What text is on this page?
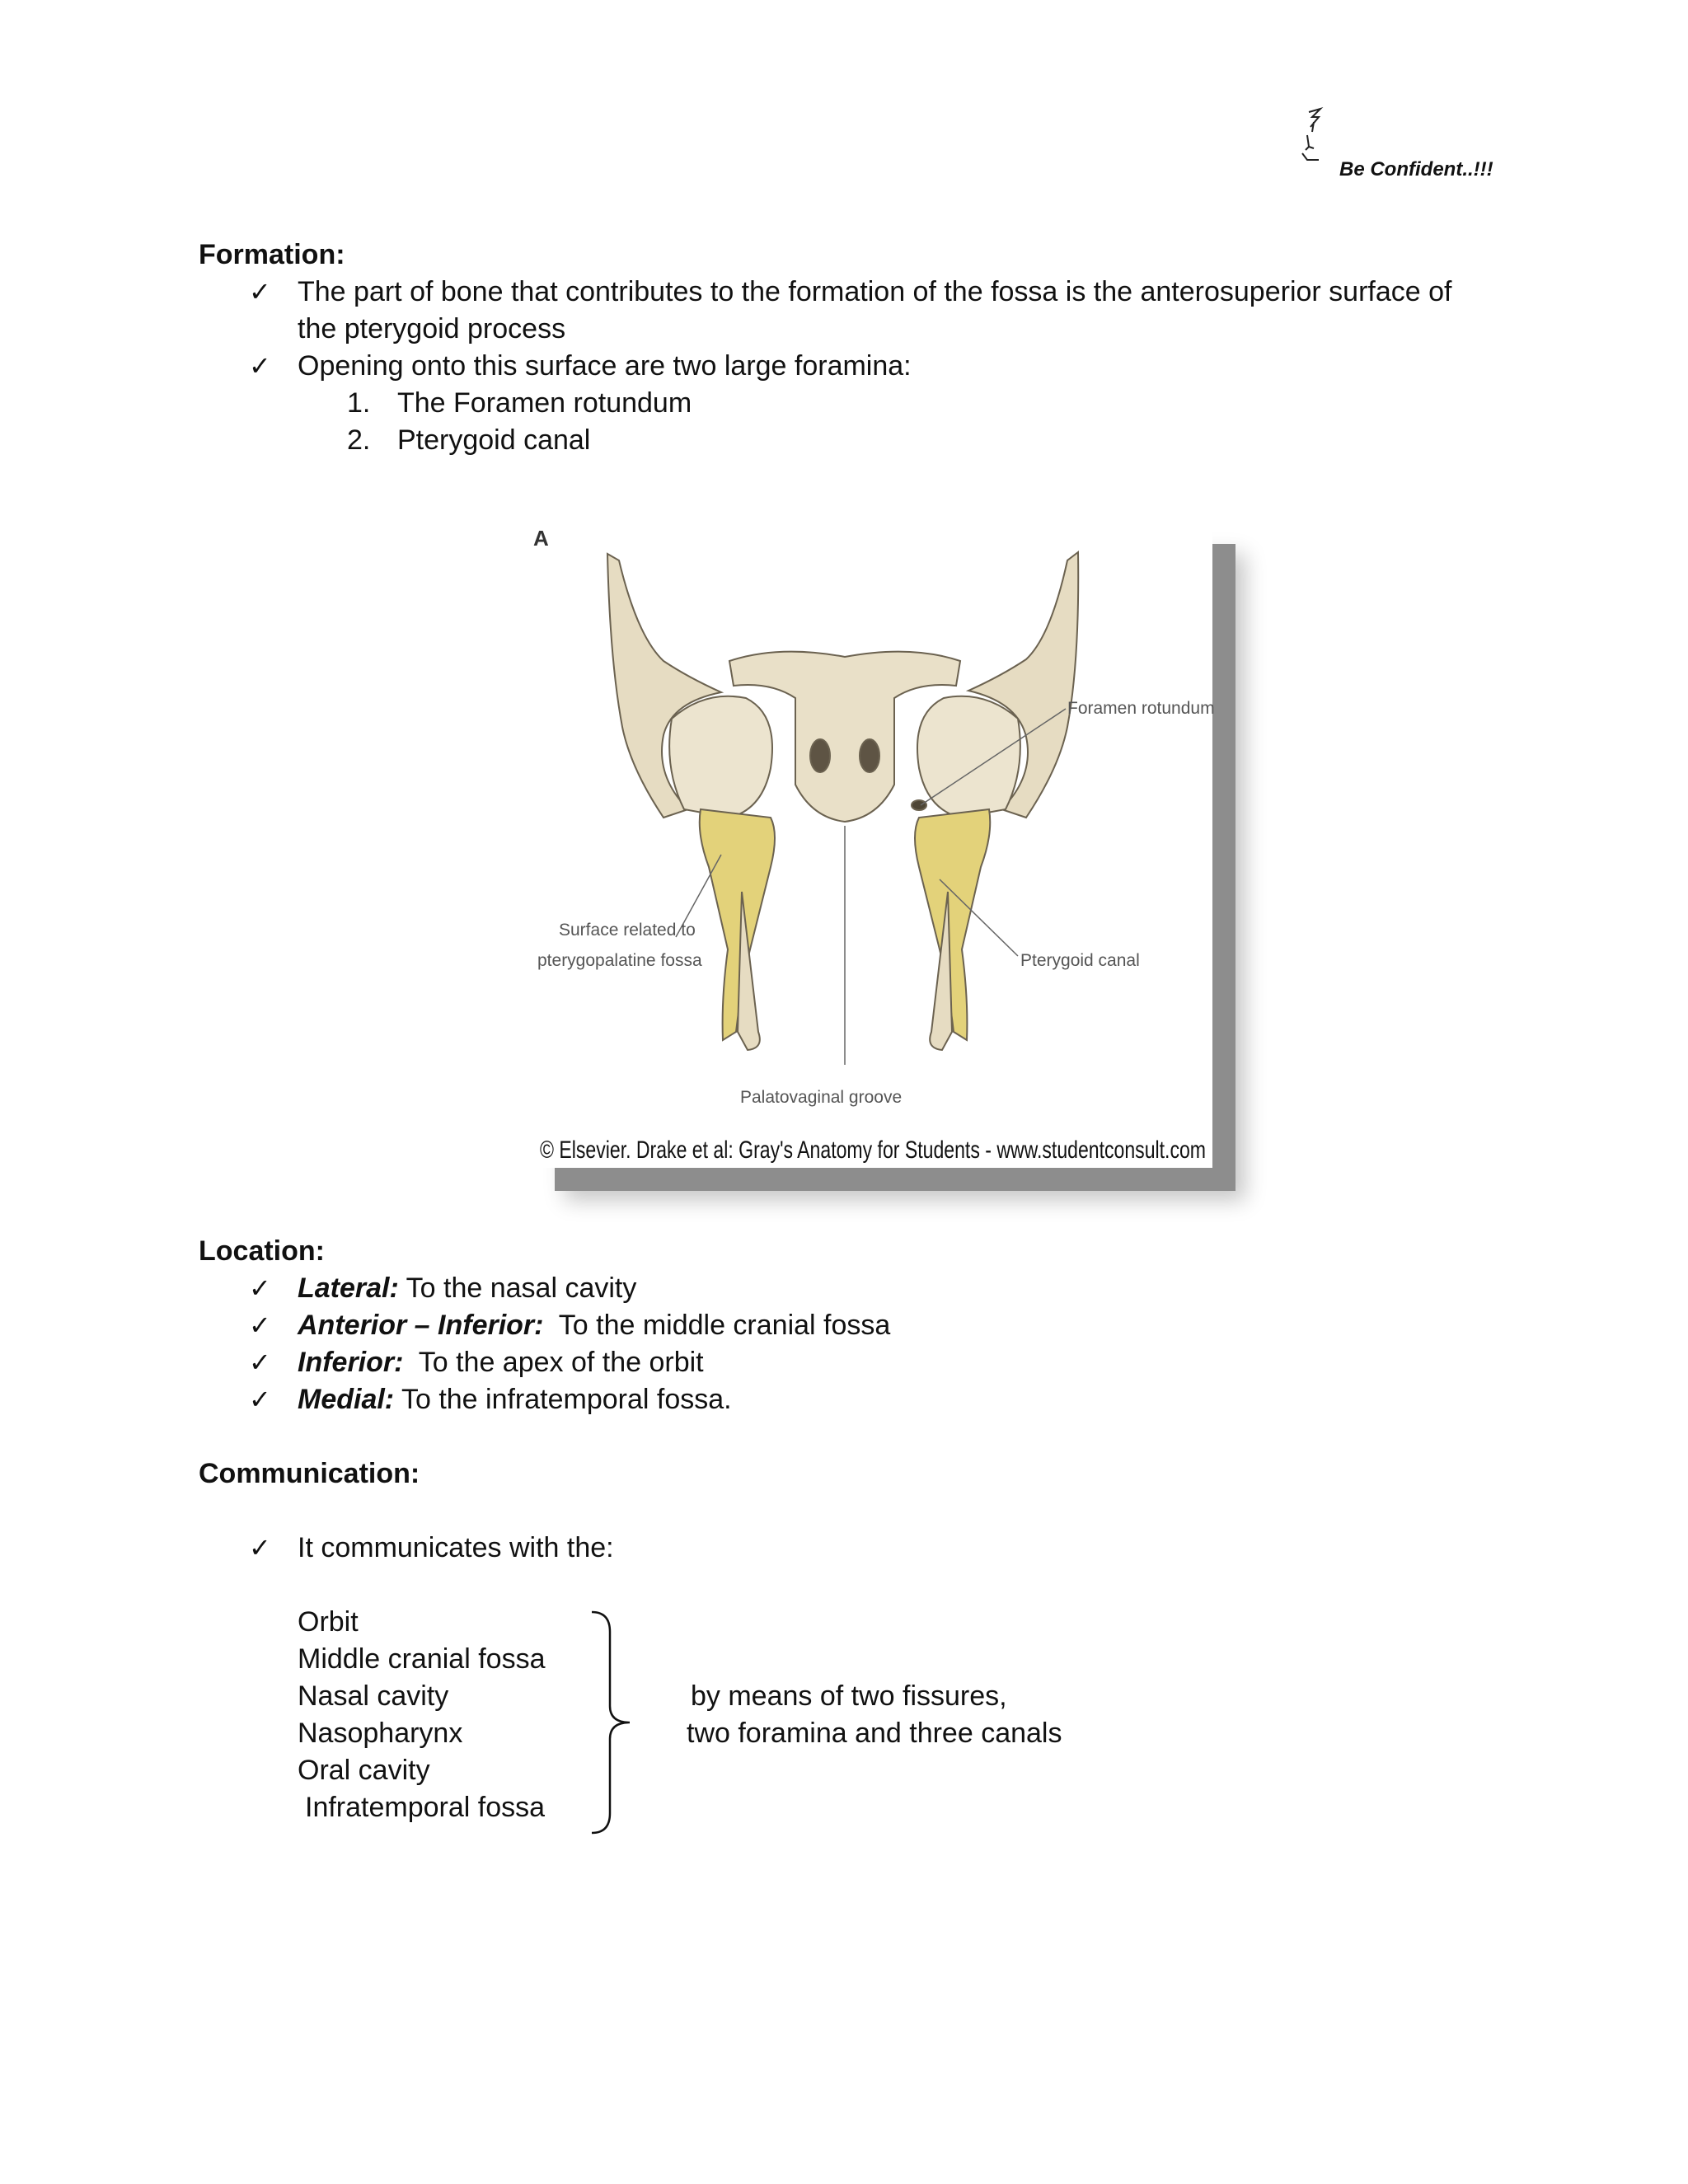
Be Confident..!!!
Formation:
✓ The part of bone that contributes to the formation of the fossa is the anterosuperior surface of
the pterygoid process
✓ Opening onto this surface are two large foramina:
1. The Foramen rotundum
2. Pterygoid canal
A
Foramen rotundum
Surface related to
pterygopalatine fossa	Pterygoid canal
Palatovaginal groove
© Elsevier. Drake et al: Gray's Anatomy for Students - www.studentconsult.com
Location:
✓ Lateral: To the nasal cavity
✓ Anterior – Inferior:  To the middle cranial fossa
✓ Inferior:  To the apex of the orbit
✓ Medial: To the infratemporal fossa.
Communication:
✓ It communicates with the:
Orbit
Middle cranial fossa
Nasal cavity
Nasopharynx
Oral cavity
Infratemporal fossa
by means of two fissures,
two foramina and three canals
